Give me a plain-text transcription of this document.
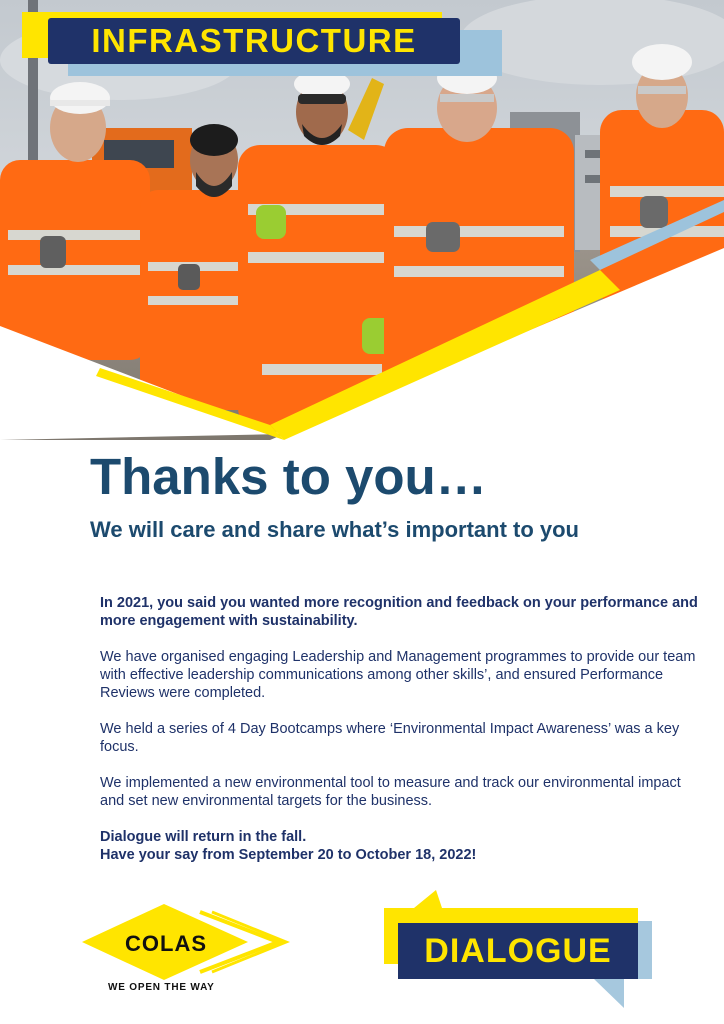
INFRASTRUCTURE
Thanks to you…
We will care and share what’s important to you

In 2021, you said you wanted more recognition and feedback on your performance and more engagement with sustainability.

We have organised engaging Leadership and Management programmes to provide our team with effective leadership communications among other skills’, and ensured Performance Reviews were completed.

We held a series of 4 Day Bootcamps where ‘Environmental Impact Awareness’ was a key focus.

We implemented a new environmental tool to measure and track our environmental impact and set new environmental targets for the business.

Dialogue will return in the fall.
Have your say from September 20 to October 18, 2022!
COLAS
WE OPEN THE WAY
DIALOGUE
